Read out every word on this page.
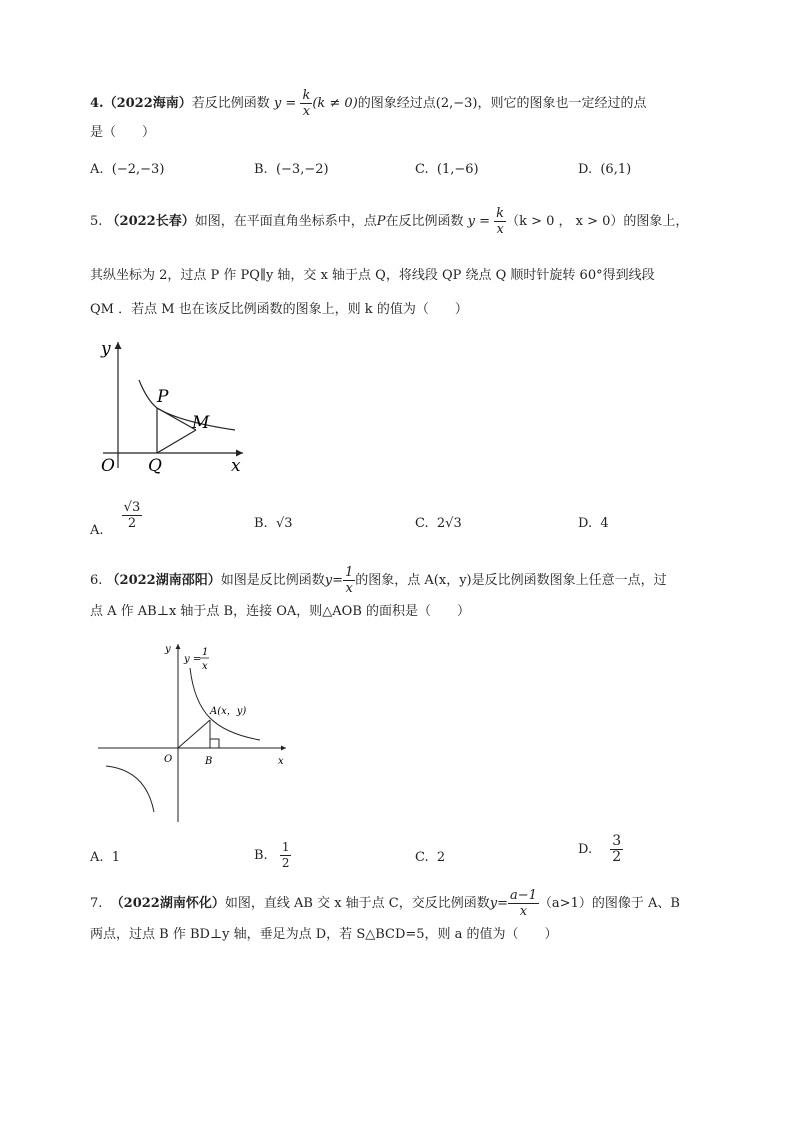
4.（2022海南）若反比例函数 $y = \frac{k}{x} (k \ne 0)$的图象经过点(2,−3)，则它的图象也一定经过的点
是（　　）
A. (−2,−3)	B. (−3,−2)	C. (1,−6)	D. (6,1)
5. （2022长春）如图，在平面直角坐标系中，点P在反比例函数 $y = \frac{k}{x} (k > 0$ ， x > 0）的图象上，
其纵坐标为 2，过点 P 作 PQ∥y 轴，交 x 轴于点 Q，将线段 QP 绕点 Q 顺时针旋转 60°得到线段
QM ．若点 M 也在该反比例函数的图象上，则 k 的值为（　　）
y
x
O
P
Q
M
A. $\frac{√3}{2}$	B. √3	C. 2√3	D. 4
6. （2022湖南邵阳）如图是反比例函数$y= \frac{1}{x}$ 的图象，点 A(x，y)是反比例函数图象上任意一点，过
点 A 作 AB⊥x 轴于点 B，连接 OA，则△AOB 的面积是（　　）
y
x
O	B
A(x，y)
y =
1
x
A. 1	B. $\frac{1}{2}$	C. 2
D. $\frac{3}{2}$
7. （2022湖南怀化）如图，直线 AB 交 x 轴于点 C，交反比例函数$y= \frac{a-1}{x} (a>1)$的图像于 A、B
两点，过点 B 作 BD⊥y 轴，垂足为点 D，若 S△BCD=5，则 a 的值为（　　）
